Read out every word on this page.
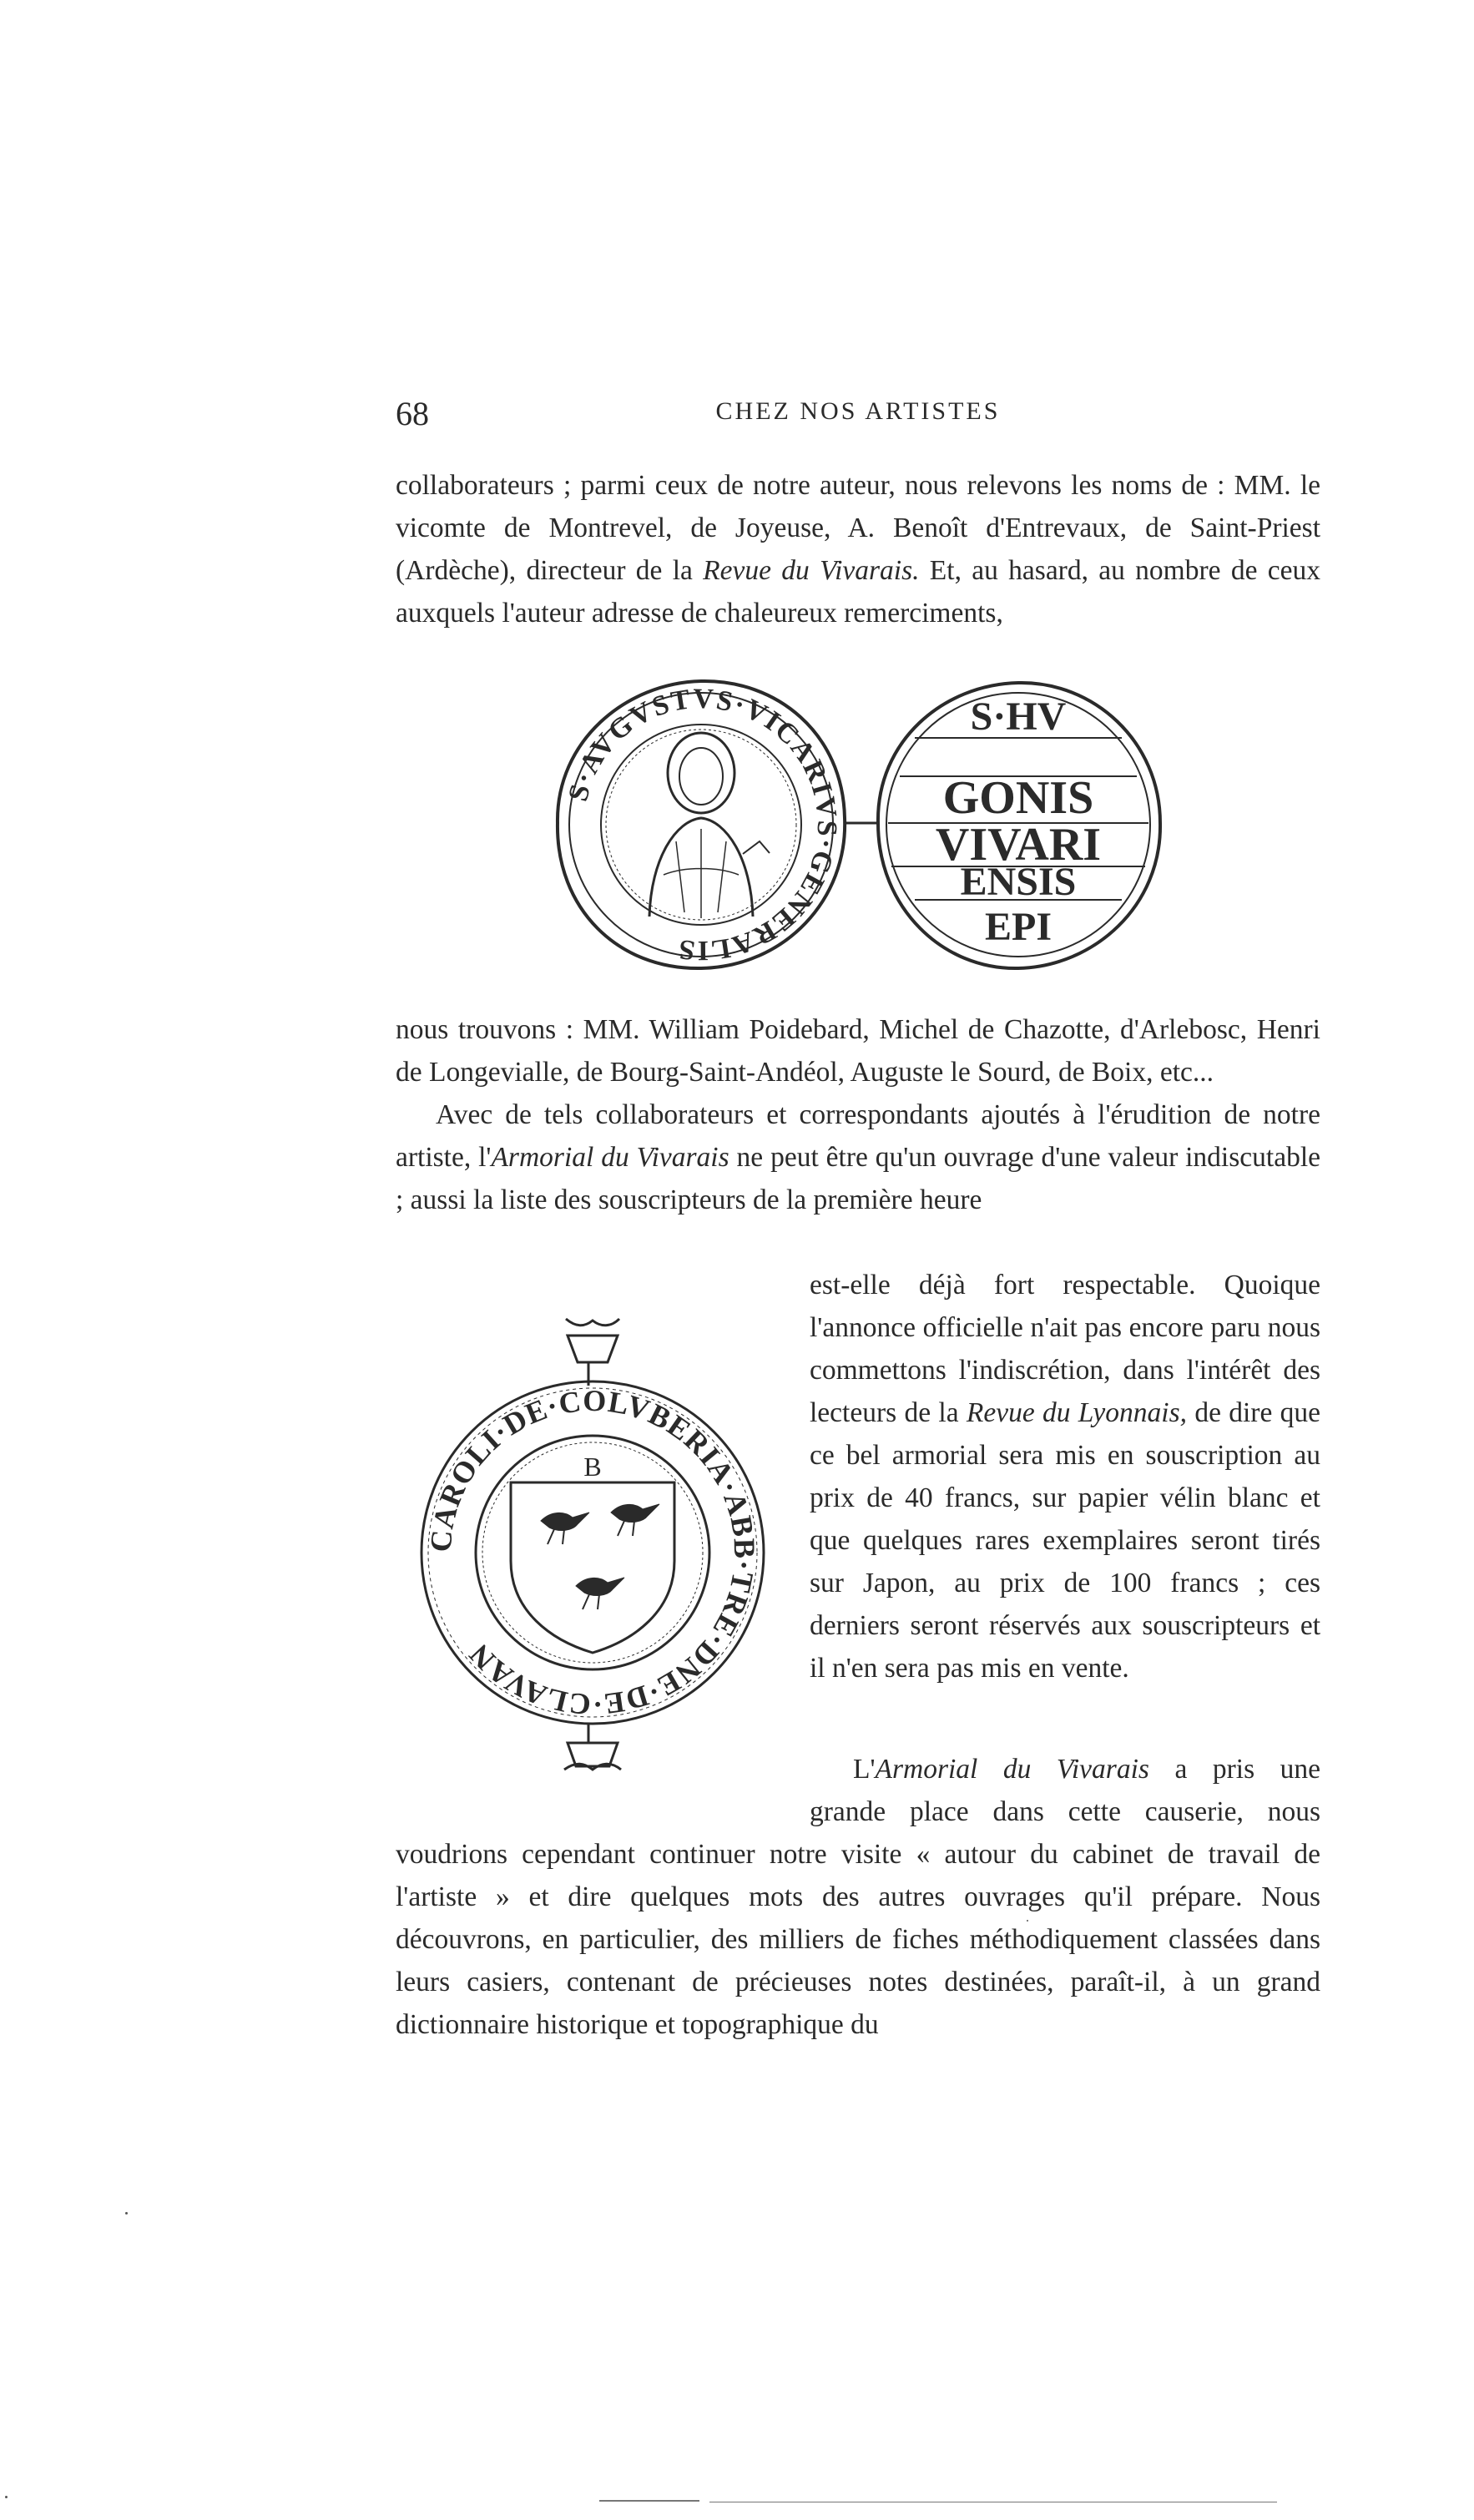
68	CHEZ NOS ARTISTES

collaborateurs ; parmi ceux de notre auteur, nous relevons les noms de : MM. le vicomte de Montrevel, de Joyeuse, A. Benoît d'Entrevaux, de Saint-Priest (Ardèche), directeur de la Revue du Vivarais. Et, au hasard, au nombre de ceux auxquels l'auteur adresse de chaleureux remerciments,

S·AVGVSTVS·VICARIVS·GENERALIS
S·HV
GONIS
VIVARI
ENSIS
EPI

nous trouvons : MM. William Poidebard, Michel de Chazotte, d'Arlebosc, Henri de Longevialle, de Bourg-Saint-Andéol, Auguste le Sourd, de Boix, etc...

Avec de tels collaborateurs et correspondants ajoutés à l'érudition de notre artiste, l'Armorial du Vivarais ne peut être qu'un ouvrage d'une valeur indiscutable ; aussi la liste des souscripteurs de la première heure

CAROLI·DE·COLVBERIA·ABB·TRE·DNE·DE·CLAVAN
B

est-elle déjà fort respectable. Quoique l'annonce officielle n'ait pas encore paru nous commettons l'indiscrétion, dans l'intérêt des lecteurs de la Revue du Lyonnais, de dire que ce bel armorial sera mis en souscription au prix de 40 francs, sur papier vélin blanc et que quelques rares exemplaires seront tirés sur Japon, au prix de 100 francs ; ces derniers seront réservés aux souscripteurs et il n'en sera pas mis en vente.

L'Armorial du Vivarais a pris une
grande place dans cette causerie, nous

voudrions cependant continuer notre visite « autour du cabinet de travail de l'artiste » et dire quelques mots des autres ouvrages qu'il prépare. Nous découvrons, en particulier, des milliers de fiches méthodiquement classées dans leurs casiers, contenant de précieuses notes destinées, paraît-il, à un grand dictionnaire historique et topographique du
